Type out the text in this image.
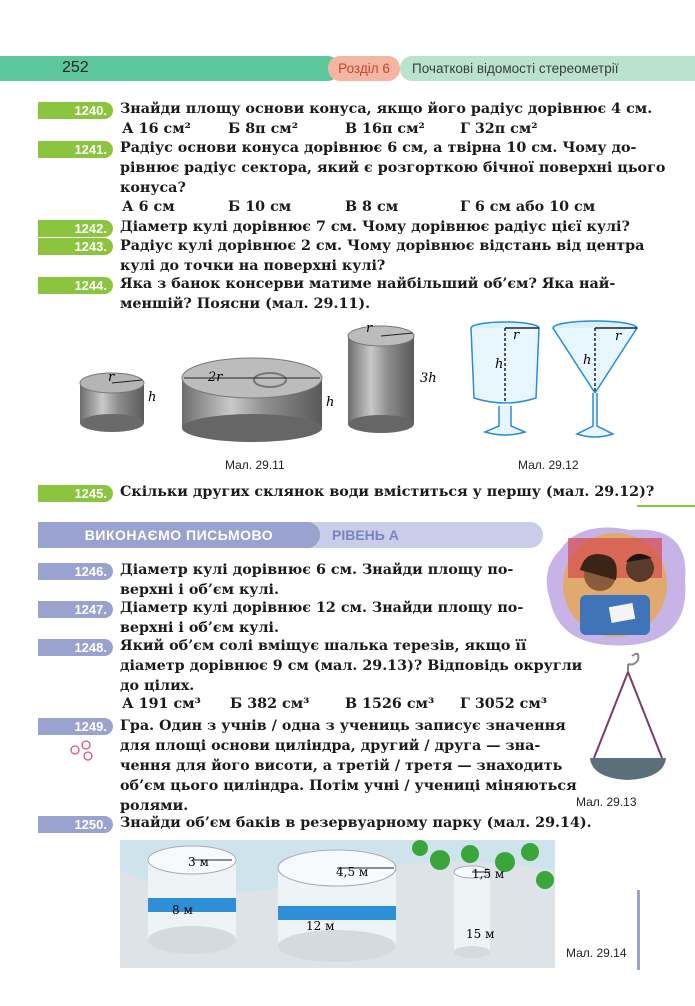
252	Початкові відомості стереометрії
Розділ 6
1240. Знайди площу основи конуса, якщо його радіус дорівнює 4 см.
А 16 см²	Б 8π см²	В 16π см² Г 32π см²
1241. Радіус основи конуса дорівнює 6 см, а твірна 10 см. Чому до-
рівнює радіус сектора, який є розгорткою бічної поверхні цього
конуса?
А 6 см	Б 10 см	В 8 см	Г 6 см або 10 см
1242. Діаметр кулі дорівнює 7 см. Чому дорівнює радіус цієї кулі?
1243. Радіус кулі дорівнює 2 см. Чому дорівнює відстань від центра
кулі до точки на поверхні кулі?
1244. Яка з банок консерви матиме найбільший об’єм? Яка най-
меншій? Поясни (мал. 29.11).
r
h
2r
h
r
3h
Мал. 29.11
r
h
r
h
Мал. 29.12
1245. Скільки других склянок води вміститься у першу (мал. 29.12)?
ВИКОНАЄМО ПИСЬМОВО	РІВЕНЬ А
1246. Діаметр кулі дорівнює 6 см. Знайди площу по-
верхні і об’єм кулі.
1247. Діаметр кулі дорівнює 12 см. Знайди площу по-
верхні і об’єм кулі.
1248. Який об’єм солі вміщує шалька терезів, якщо її
діаметр дорівнює 9 см (мал. 29.13)? Відповідь округли
до цілих.
А 191 см³ Б 382 см³ В 1526 см³ Г 3052 см³
Мал. 29.13
1249. Гра. Один з учнів / одна з учениць записує значення
для площі основи циліндра, другий / друга — зна-
чення для його висоти, а третій / третя — знаходить
об’єм цього циліндра. Потім учні / учениці міняються
ролями.
1250. Знайди об’єм баків в резервуарному парку (мал. 29.14).
3 м
8 м
4,5 м
12 м
1,5 м
15 м
Мал. 29.14
